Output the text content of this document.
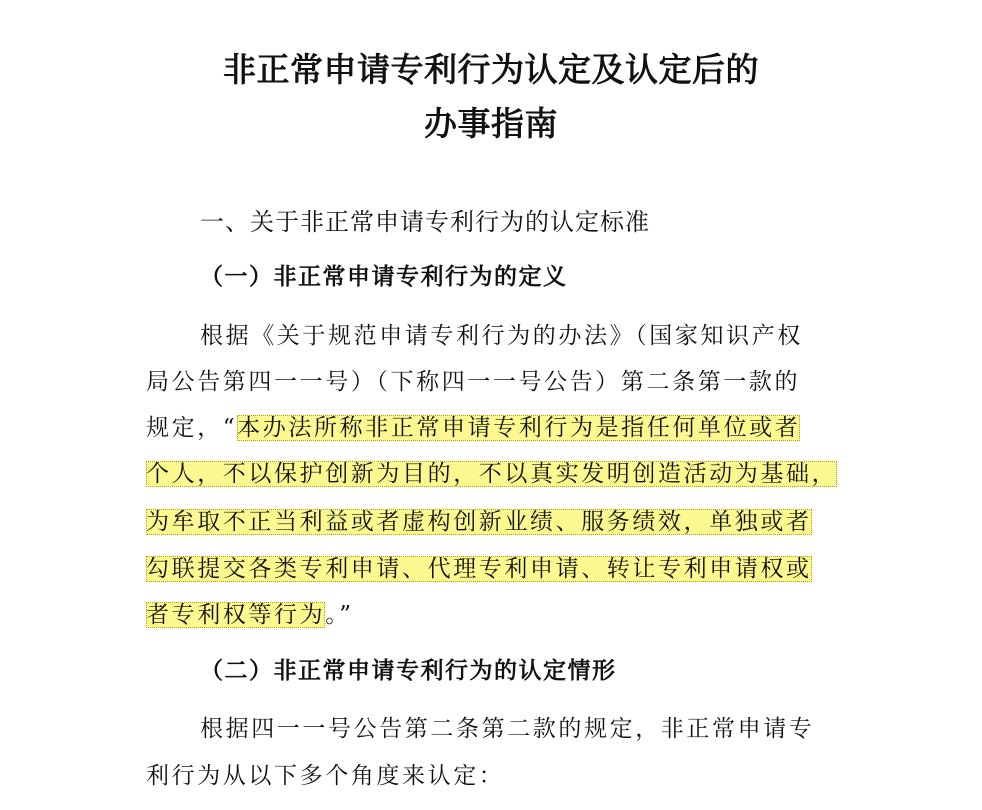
非正常申请专利行为认定及认定后的
办事指南
一、关于非正常申请专利行为的认定标准
（一）非正常申请专利行为的定义
根据《关于规范申请专利行为的办法》（国家知识产权
局公告第四一一号）（下称四一一号公告）第二条第一款的
规定，“本办法所称非正常申请专利行为是指任何单位或者
个人，不以保护创新为目的，不以真实发明创造活动为基础，
为牟取不正当利益或者虚构创新业绩、服务绩效，单独或者
勾联提交各类专利申请、代理专利申请、转让专利申请权或
者专利权等行为。”
（二）非正常申请专利行为的认定情形
根据四一一号公告第二条第二款的规定，非正常申请专
利行为从以下多个角度来认定：
